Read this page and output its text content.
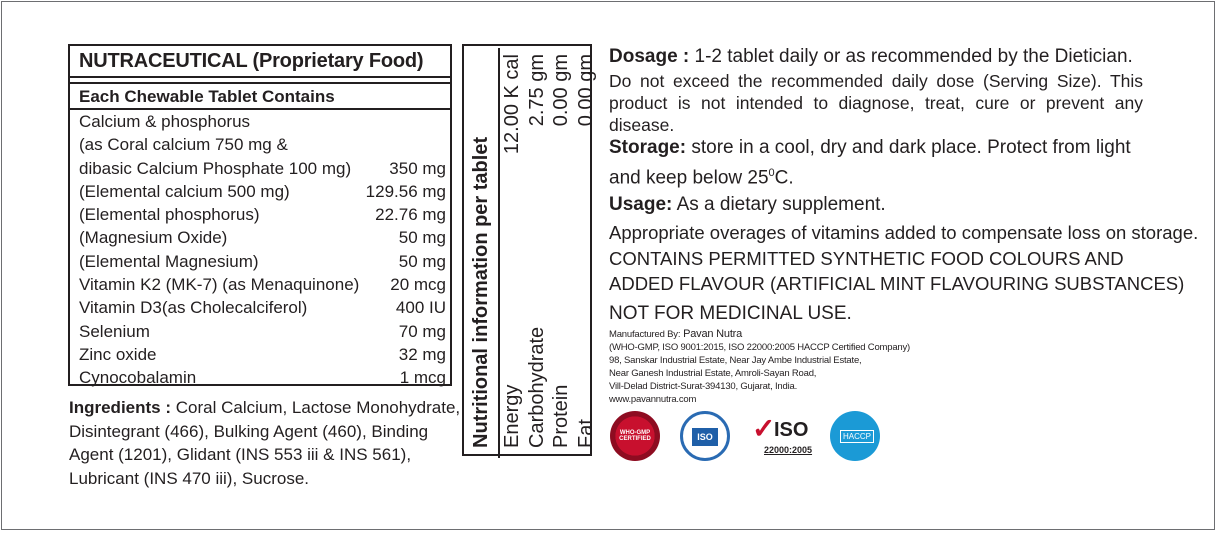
NUTRACEUTICAL (Proprietary Food)
Each Chewable Tablet Contains
Calcium & phosphorus
(as Coral calcium 750 mg &
dibasic Calcium Phosphate 100 mg) 350 mg
(Elemental calcium 500 mg)	129.56 mg
(Elemental phosphorus)	22.76 mg
(Magnesium Oxide)	50 mg
(Elemental Magnesium)	50 mg
Vitamin K2 (MK-7) (as Menaquinone) 20 mcg
Vitamin D3(as Cholecalciferol)	400 IU
Selenium	70 mg
Zinc oxide	32 mg
Cynocobalamin	1 mcg
Ingredients : Coral Calcium, Lactose Monohydrate, Disintegrant (466), Bulking Agent (460), Binding Agent (1201), Glidant (INS 553 iii & INS 561), Lubricant (INS 470 iii), Sucrose.
Nutritional information per tablet Energy
12.00 K cal
Carbohydrate
2.75 gm
Protein
0.00 gm
Fat
0.00 gm Dosage : 1-2 tablet daily or as recommended by the Dietician.
Do not exceed the recommended daily dose (Serving Size). This product is not intended to diagnose, treat, cure or prevent any disease.
Storage: store in a cool, dry and dark place. Protect from light and keep below $25^0C$.
Usage: As a dietary supplement.
Appropriate overages of vitamins added to compensate loss on storage.
CONTAINS PERMITTED SYNTHETIC FOOD COLOURS AND
ADDED FLAVOUR (ARTIFICIAL MINT FLAVOURING SUBSTANCES)
NOT FOR MEDICINAL USE.
Manufactured By: Pavan Nutra
(WHO-GMP, ISO 9001:2015, ISO 22000:2005 HACCP Certified Company)
98, Sanskar Industrial Estate, Near Jay Ambe Industrial Estate,
Near Ganesh Industrial Estate, Amroli-Sayan Road,
Vill-Delad District-Surat-394130, Gujarat, India.
www.pavannutra.com
WHO-GMP CERTIFIED	ISO ✓
ISO
22000:2005
HACCP
